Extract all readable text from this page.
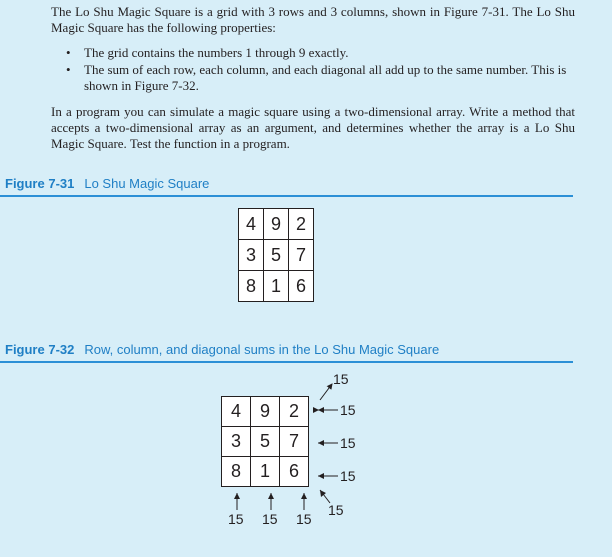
The Lo Shu Magic Square is a grid with 3 rows and 3 columns, shown in Figure 7-31. The Lo Shu Magic Square has the following properties:
• The grid contains the numbers 1 through 9 exactly.
• The sum of each row, each column, and each diagonal all add up to the same number. This is shown in Figure 7-32.
In a program you can simulate a magic square using a two-dimensional array. Write a method that accepts a two-dimensional array as an argument, and determines whether the array is a Lo Shu Magic Square. Test the function in a program.
Figure 7-31 Lo Shu Magic Square
4	9	2
3	5	7
8	1	6
Figure 7-32 Row, column, and diagonal sums in the Lo Shu Magic Square
4	9	2
3	5	7
8	1	6
15
15
15
15
15 15 15
15
